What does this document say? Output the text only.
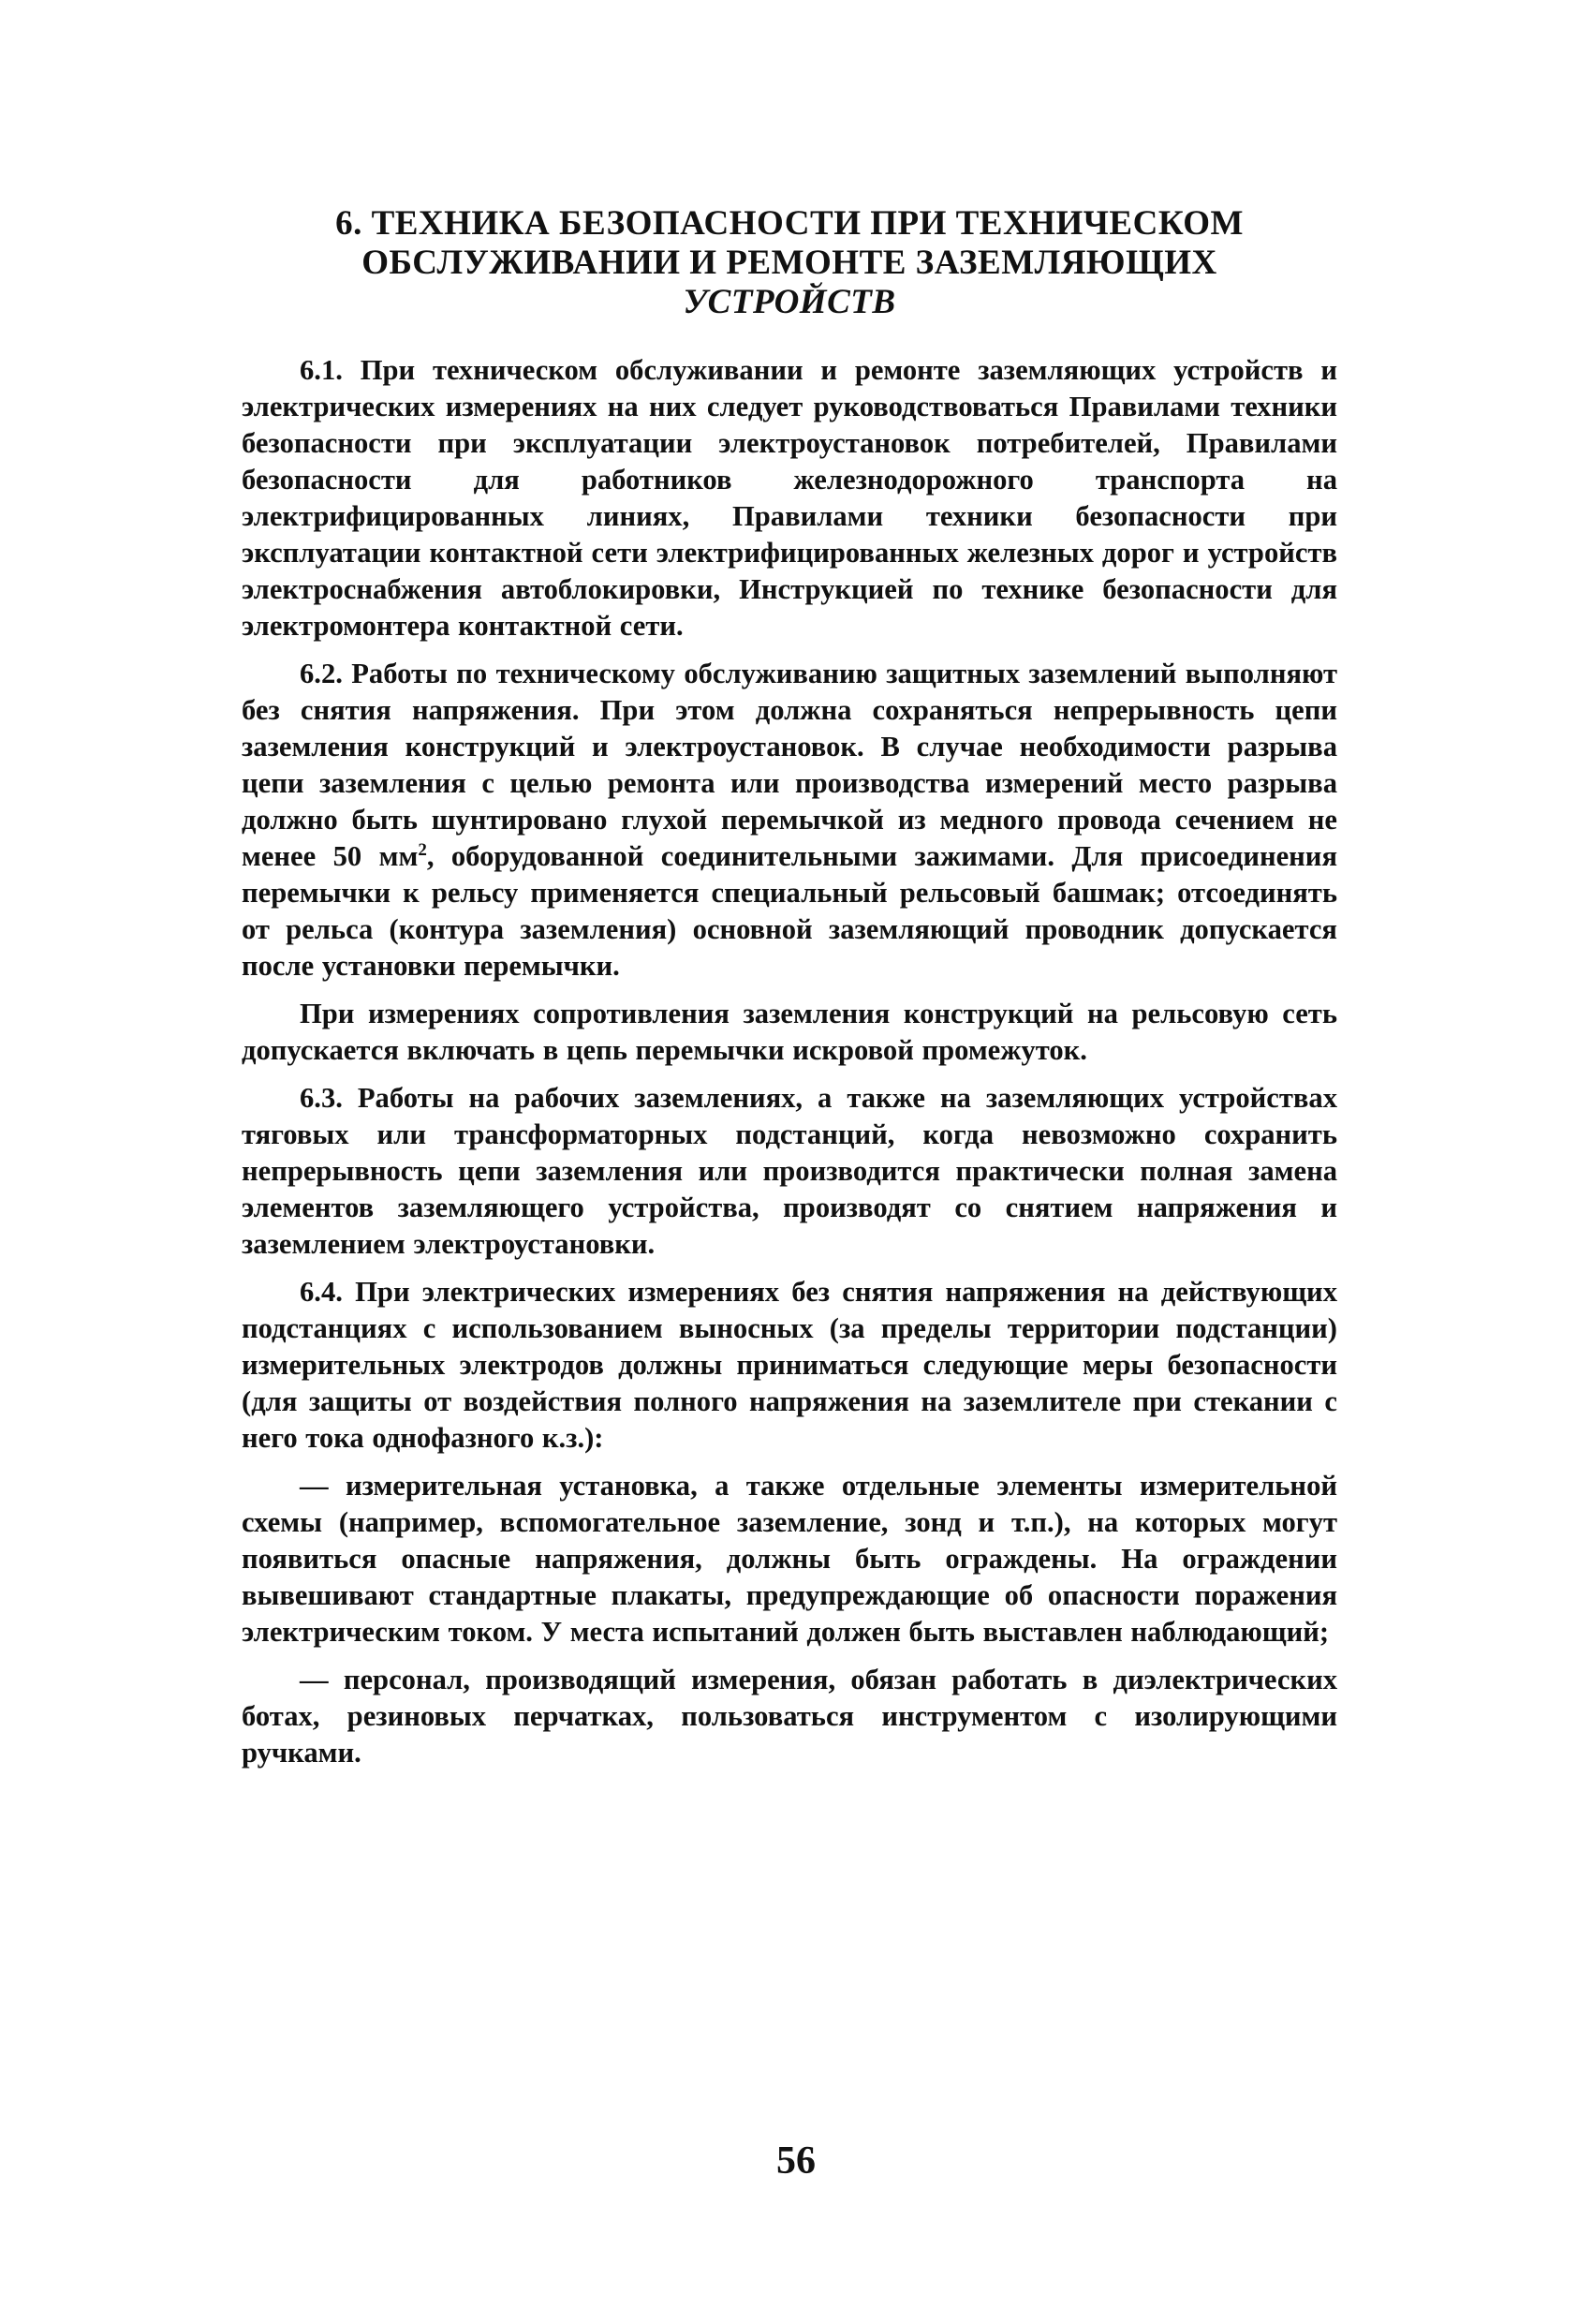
6. ТЕХНИКА БЕЗОПАСНОСТИ ПРИ ТЕХНИЧЕСКОМ
ОБСЛУЖИВАНИИ И РЕМОНТЕ ЗАЗЕМЛЯЮЩИХ
УСТРОЙСТВ

6.1. При техническом обслуживании и ремонте заземляющих устройств и электрических измерениях на них следует руководствоваться Правилами техники безопасности при эксплуатации электроустановок потребителей, Правилами безопасности для работников железнодорожного транспорта на электрифицированных линиях, Правилами техники безопасности при эксплуатации контактной сети электрифицированных железных дорог и устройств электроснабжения автоблокировки, Инструкцией по технике безопасности для электромонтера контактной сети.

6.2. Работы по техническому обслуживанию защитных заземлений выполняют без снятия напряжения. При этом должна сохраняться непрерывность цепи заземления конструкций и электроустановок. В случае необходимости разрыва цепи заземления с целью ремонта или производства измерений место разрыва должно быть шунтировано глухой перемычкой из медного провода сечением не менее 50 $мм^2$, оборудованной соединительными зажимами. Для присоединения перемычки к рельсу применяется специальный рельсовый башмак; отсоединять от рельса (контура заземления) основной заземляющий проводник допускается после установки перемычки.

При измерениях сопротивления заземления конструкций на рельсовую сеть допускается включать в цепь перемычки искровой промежуток.

6.3. Работы на рабочих заземлениях, а также на заземляющих устройствах тяговых или трансформаторных подстанций, когда невозможно сохранить непрерывность цепи заземления или производится практически полная замена элементов заземляющего устройства, производят со снятием напряжения и заземлением электроустановки.

6.4. При электрических измерениях без снятия напряжения на действующих подстанциях с использованием выносных (за пределы территории подстанции) измерительных электродов должны приниматься следующие меры безопасности (для защиты от воздействия полного напряжения на заземлителе при стекании с него тока однофазного к.з.):

— измерительная установка, а также отдельные элементы измерительной схемы (например, вспомогательное заземление, зонд и т.п.), на которых могут появиться опасные напряжения, должны быть ограждены. На ограждении вывешивают стандартные плакаты, предупреждающие об опасности поражения электрическим током. У места испытаний должен быть выставлен наблюдающий;

— персонал, производящий измерения, обязан работать в диэлектрических ботах, резиновых перчатках, пользоваться инструментом с изолирующими ручками.

56
